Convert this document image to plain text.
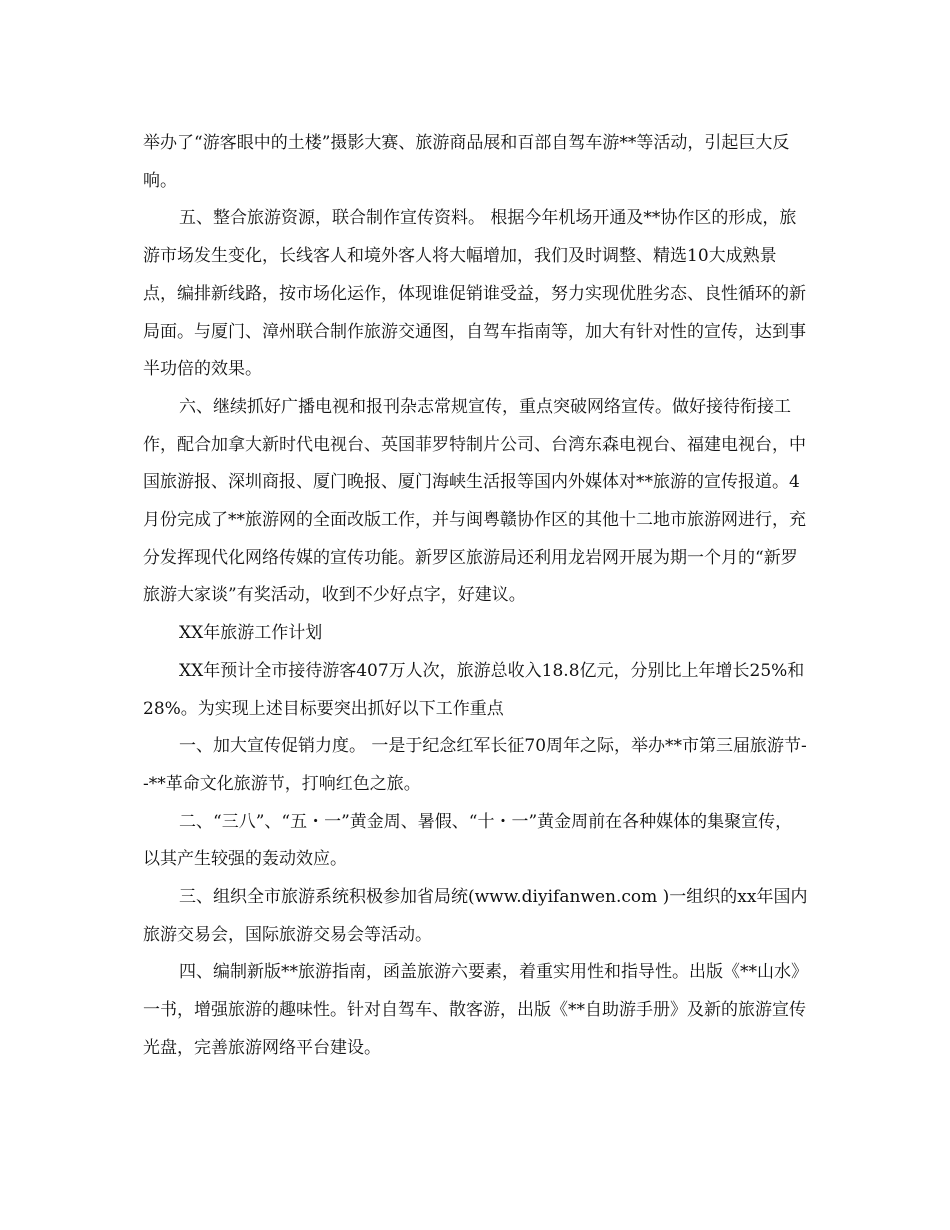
举办了“游客眼中的土楼”摄影大赛、旅游商品展和百部自驾车游**等活动，引起巨大反响。

五、整合旅游资源，联合制作宣传资料。 根据今年机场开通及**协作区的形成，旅游市场发生变化，长线客人和境外客人将大幅增加，我们及时调整、精选10大成熟景点，编排新线路，按市场化运作，体现谁促销谁受益，努力实现优胜劣态、良性循环的新局面。与厦门、漳州联合制作旅游交通图，自驾车指南等，加大有针对性的宣传，达到事半功倍的效果。

六、继续抓好广播电视和报刊杂志常规宣传，重点突破网络宣传。做好接待衔接工作，配合加拿大新时代电视台、英国菲罗特制片公司、台湾东森电视台、福建电视台，中国旅游报、深圳商报、厦门晚报、厦门海峡生活报等国内外媒体对**旅游的宣传报道。4月份完成了**旅游网的全面改版工作，并与闽粤赣协作区的其他十二地市旅游网进行，充分发挥现代化网络传媒的宣传功能。新罗区旅游局还利用龙岩网开展为期一个月的“新罗旅游大家谈”有奖活动，收到不少好点字，好建议。

XX年旅游工作计划

XX年预计全市接待游客407万人次，旅游总收入18.8亿元，分别比上年增长25%和28%。为实现上述目标要突出抓好以下工作重点

一、加大宣传促销力度。 一是于纪念红军长征70周年之际，举办**市第三届旅游节--**革命文化旅游节，打响红色之旅。

二、“三八”、“五・一”黄金周、暑假、“十・一”黄金周前在各种媒体的集聚宣传，以其产生较强的轰动效应。

三、组织全市旅游系统积极参加省局统(www.diyifanwen.com )一组织的xx年国内旅游交易会，国际旅游交易会等活动。

四、编制新版**旅游指南，函盖旅游六要素，着重实用性和指导性。出版《**山水》一书，增强旅游的趣味性。针对自驾车、散客游，出版《**自助游手册》及新的旅游宣传光盘，完善旅游网络平台建设。
